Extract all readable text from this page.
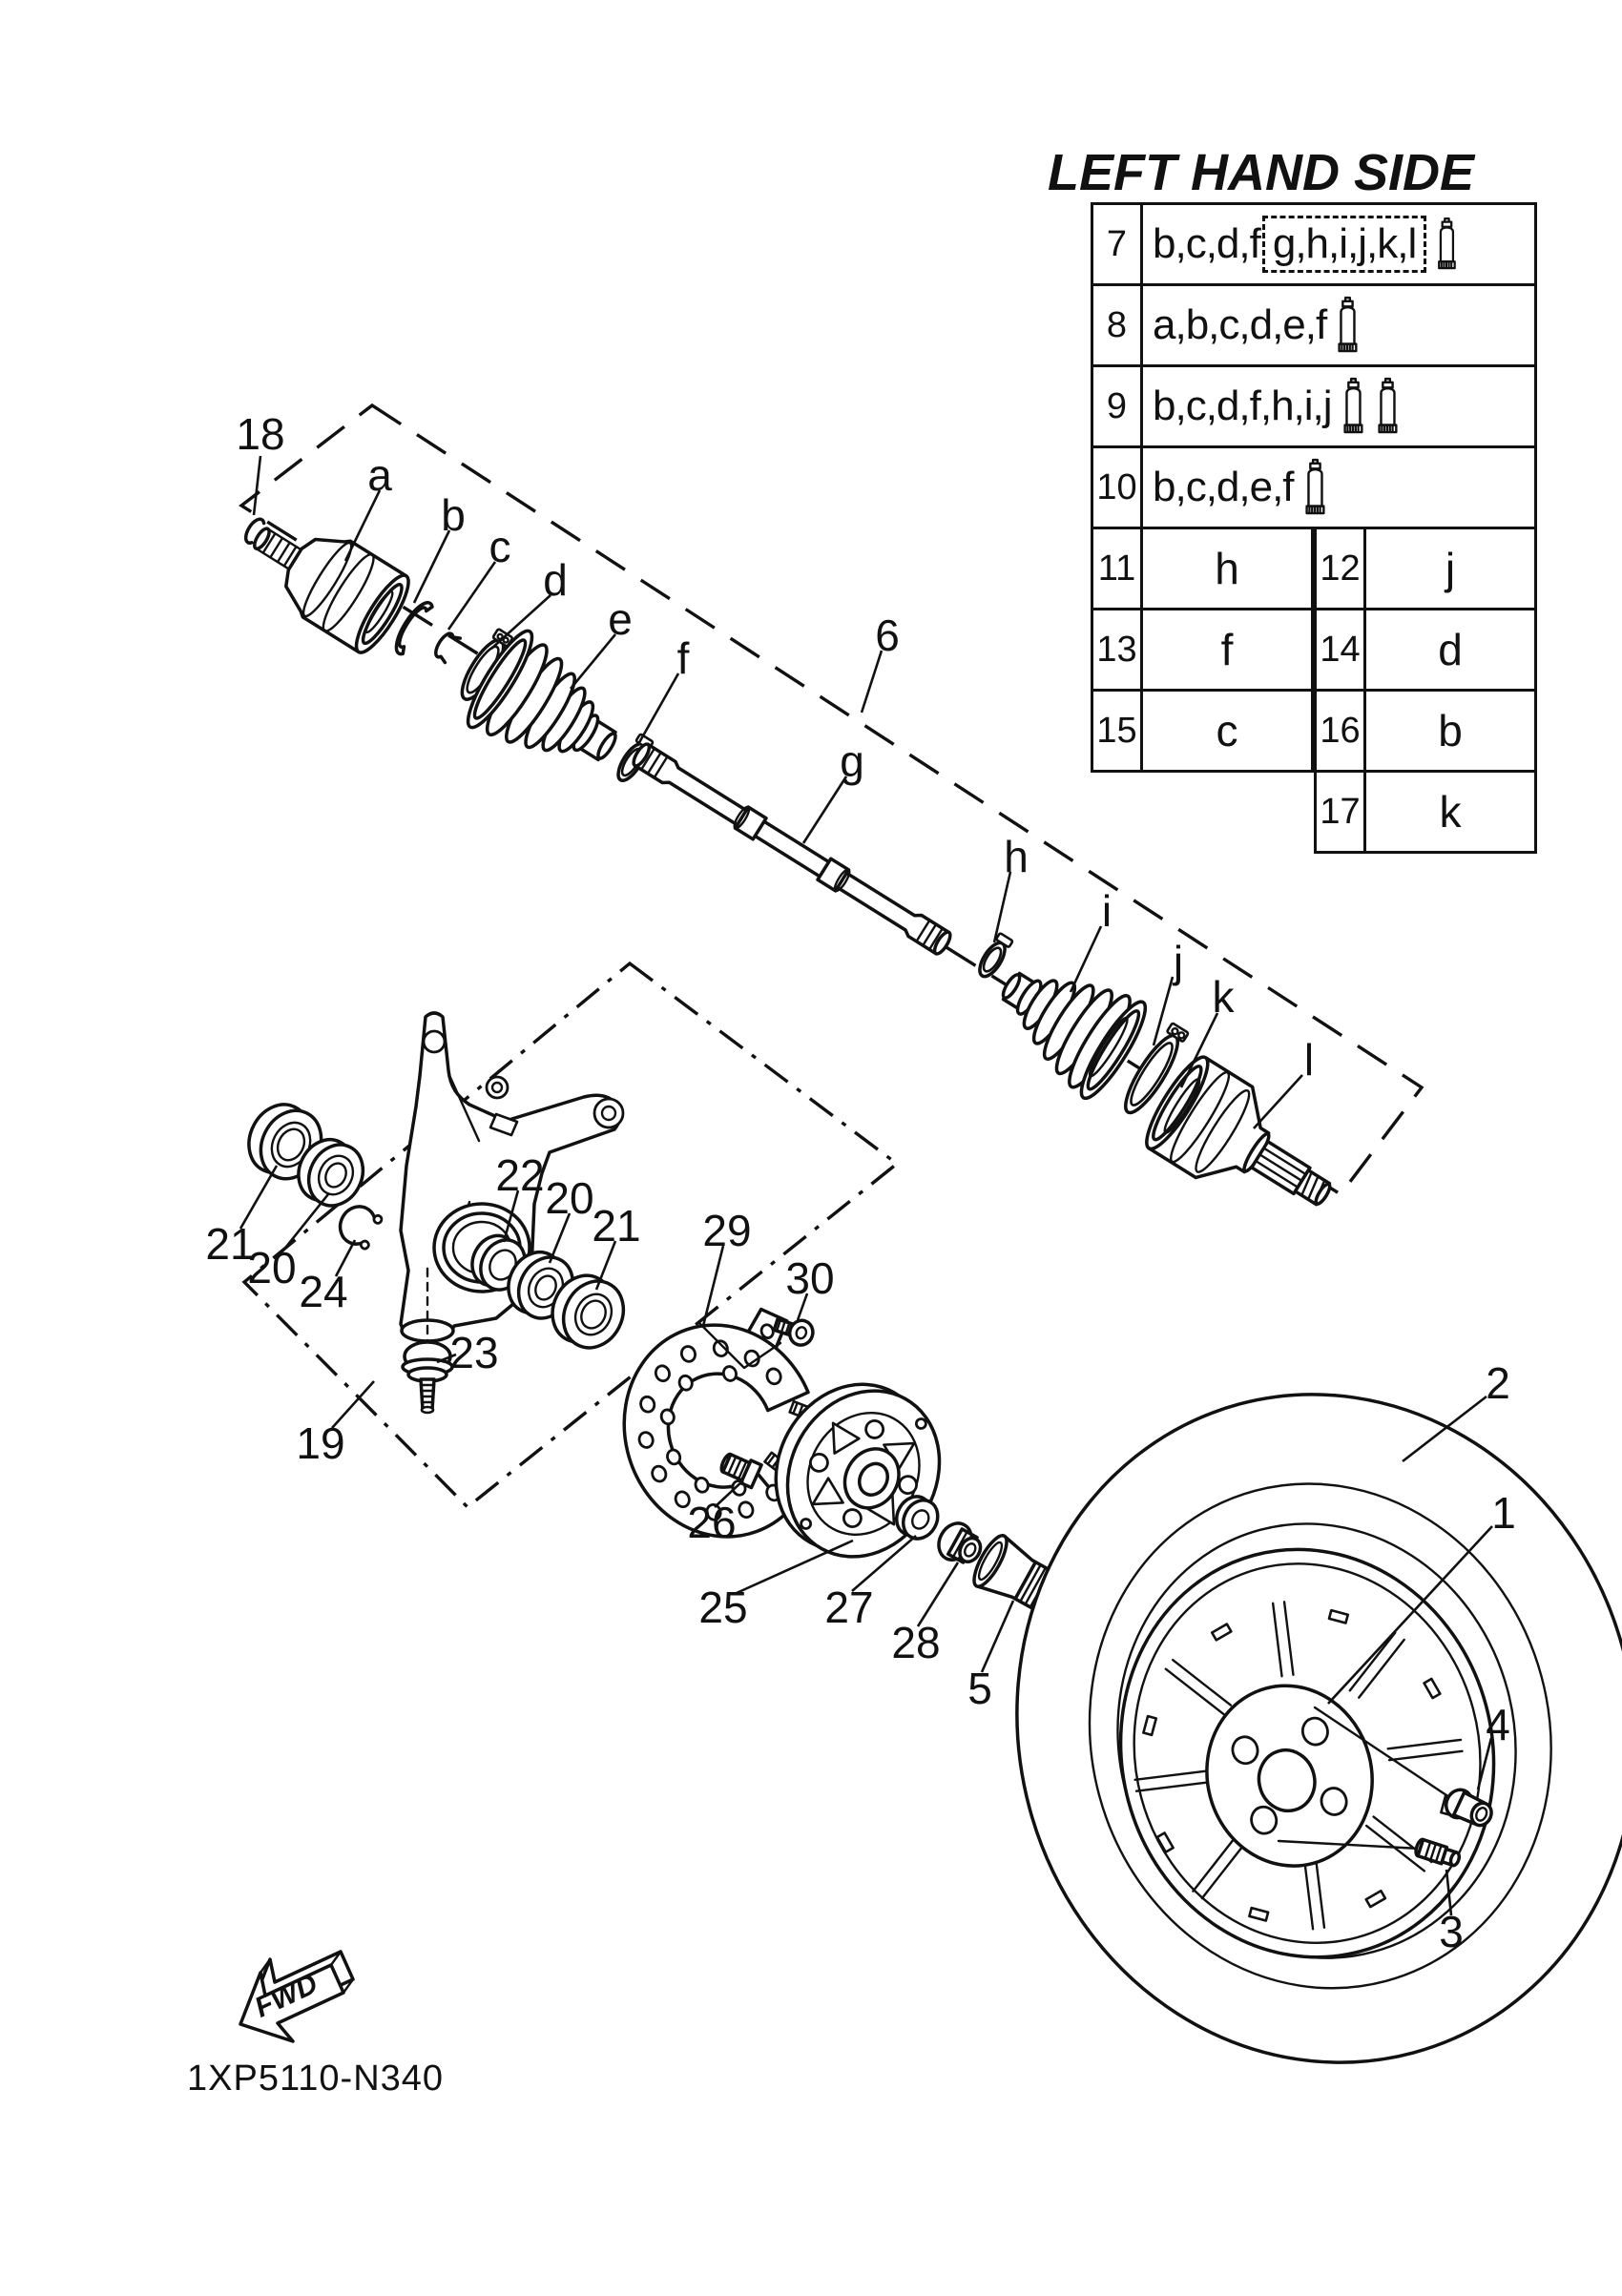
FWD
18
a
b
c
d
e
f	6
g
h
i
j
k
l
21
20 24
19
23
22 20
21 29
30
26
25 27
28
5
2
1
4
3
LEFT HAND SIDE
7 b,c,d,f g,h,i,j,k,l
8 a,b,c,d,e,f
9 b,c,d,f,h,i,j
10 b,c,d,e,f
11	h	12	j
13	f	14	d
15	c	16	b
17	k
1XP5110-N340
